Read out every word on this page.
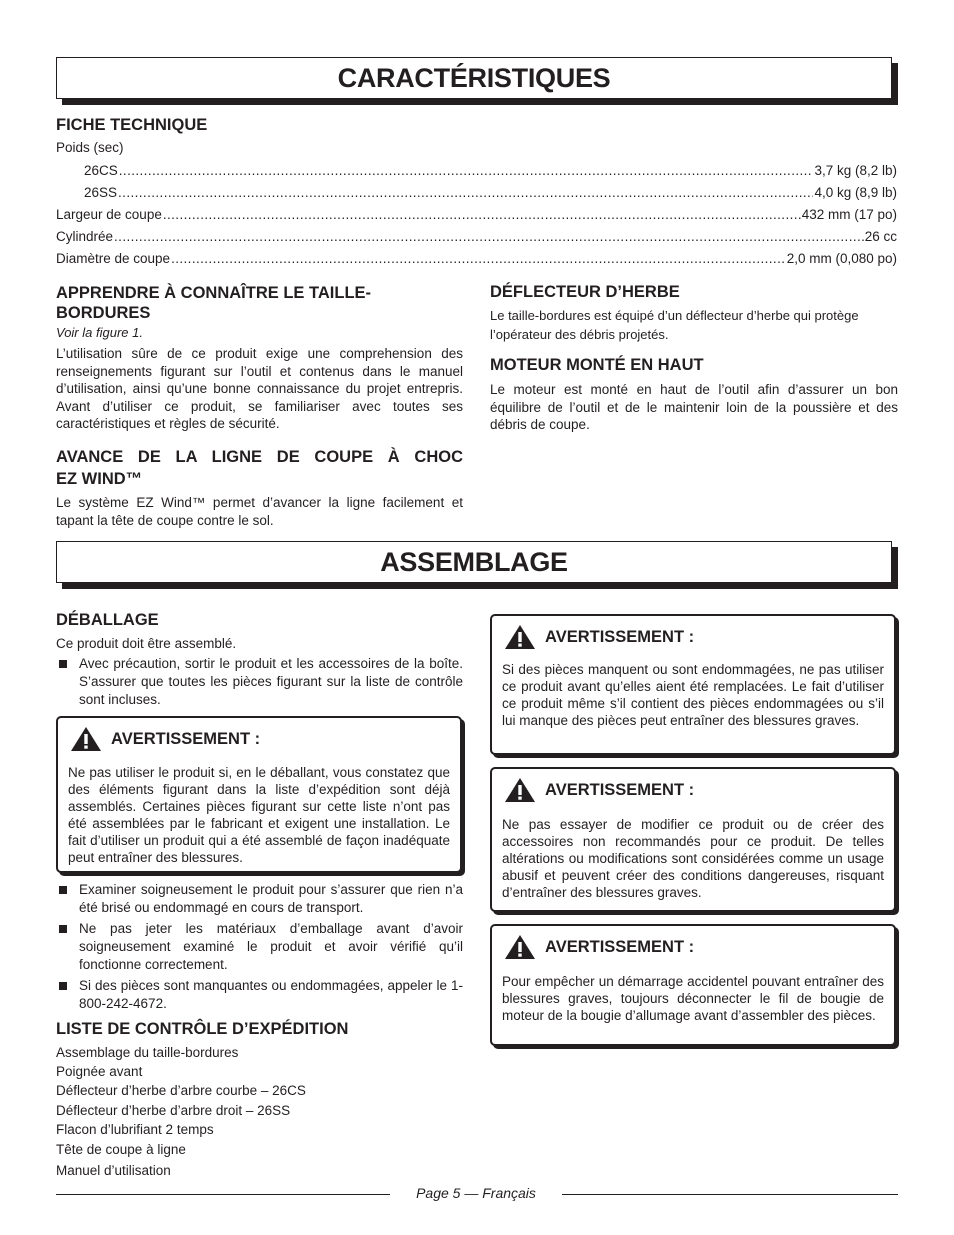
CARACTÉRISTIQUES
FICHE TECHNIQUE
Poids (sec)
26CS .....	3,7 kg (8,2 lb)
26SS .....	4,0 kg (8,9 lb)
Largeur de coupe .....	432 mm (17 po)
Cylindrée .....	26 cc
Diamètre de coupe .....	2,0 mm (0,080 po)
APPRENDRE À CONNAÎTRE LE TAILLE-
BORDURES
Voir la figure 1.
L’utilisation sûre de ce produit exige une comprehension des renseignements figurant sur l’outil et contenus dans le manuel d’utilisation, ainsi qu’une bonne connaissance du projet entrepris. Avant d’utiliser ce produit, se familiariser avec toutes ses caractéristiques et règles de sécurité.
AVANCE DE LA LIGNE DE COUPE À CHOC
EZ WIND™
Le système EZ Wind™ permet d’avancer la ligne facilement et tapant la tête de coupe contre le sol.
DÉFLECTEUR D’HERBE
Le taille-bordures est équipé d’un déflecteur d’herbe qui protège l’opérateur des débris projetés.
MOTEUR MONTÉ EN HAUT
Le moteur est monté en haut de l’outil afin d’assurer un bon équilibre de l’outil et de le maintenir loin de la poussière et des débris de coupe.
ASSEMBLAGE
DÉBALLAGE
Ce produit doit être assemblé.
Avec précaution, sortir le produit et les accessoires de la boîte. S’assurer que toutes les pièces figurant sur la liste de contrôle sont incluses.
AVERTISSEMENT :
Ne pas utiliser le produit si, en le déballant, vous constatez que des éléments figurant dans la liste d’expédition sont déjà assemblés. Certaines pièces figurant sur cette liste n’ont pas été assemblées par le fabricant et exigent une installation. Le fait d’utiliser un produit qui a été assemblé de façon inadéquate peut entraîner des blessures.
Examiner soigneusement le produit pour s’assurer que rien n’a été brisé ou endommagé en cours de transport.
Ne pas jeter les matériaux d’emballage avant d’avoir soigneusement examiné le produit et avoir vérifié qu’il fonctionne correctement.
Si des pièces sont manquantes ou endommagées, appeler le 1-800-242-4672.
LISTE DE CONTRÔLE D’EXPÉDITION
Assemblage du taille-bordures
Poignée avant
Déflecteur d’herbe d’arbre courbe – 26CS
Déflecteur d’herbe d’arbre droit – 26SS
Flacon d’lubrifiant 2 temps
Tête de coupe à ligne
Manuel d’utilisation
AVERTISSEMENT :
Si des pièces manquent ou sont endommagées, ne pas utiliser ce produit avant qu’elles aient été remplacées. Le fait d’utiliser ce produit même s’il contient des pièces endommagées ou s’il lui manque des pièces peut entraîner des blessures graves.
AVERTISSEMENT :
Ne pas essayer de modifier ce produit ou de créer des accessoires non recommandés pour ce produit. De telles altérations ou modifications sont considérées comme un usage abusif et peuvent créer des conditions dangereuses, risquant d’entraîner des blessures graves.
AVERTISSEMENT :
Pour empêcher un démarrage accidentel pouvant entraîner des blessures graves, toujours déconnecter le fil de bougie de moteur de la bougie d’allumage avant d’assembler des pièces.
Page 5 — Français
